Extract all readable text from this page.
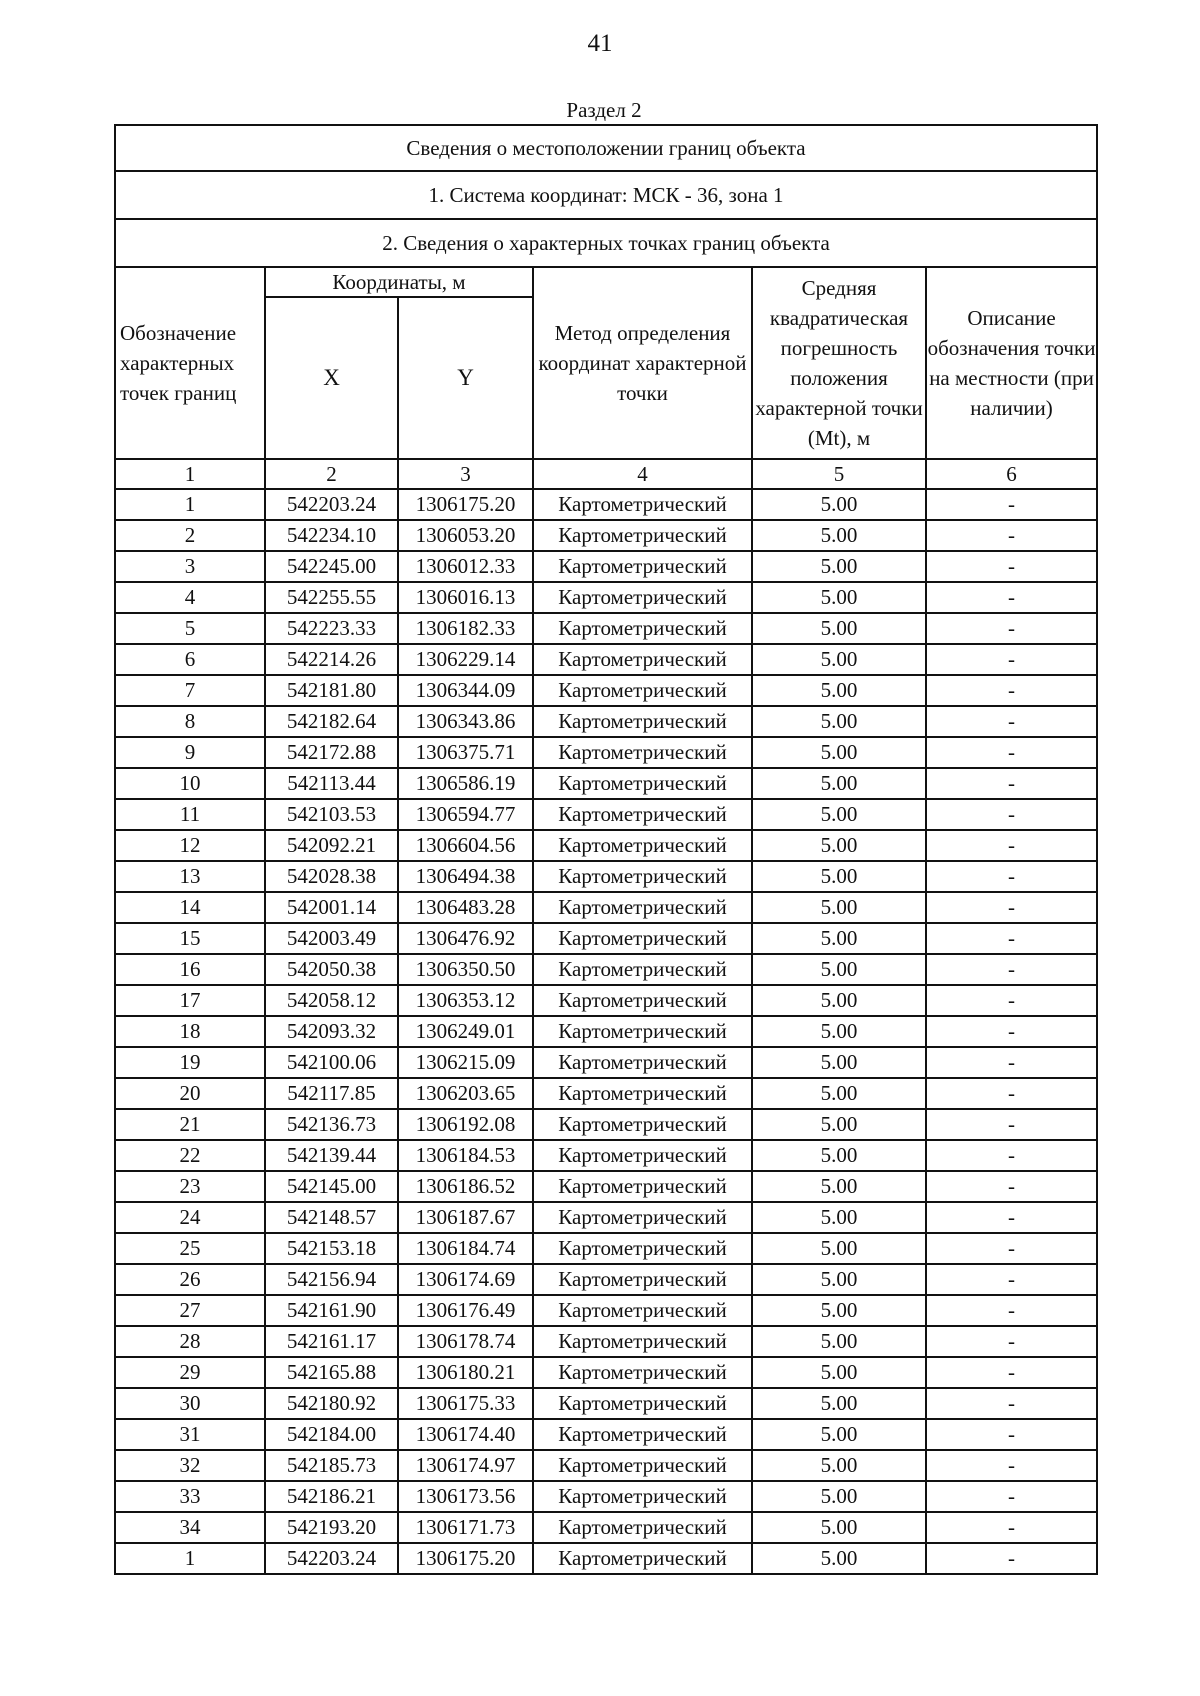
41
Раздел 2
Сведения о местоположении границ объекта					
1. Система координат: МСК - 36, зона 1					
2. Сведения о характерных точках границ объекта					
Обозначение характерных точек границ	Координаты, м		Метод определения координат характерной точки	Средняя квадратическая погрешность положения характерной точки (Mt), м	Описание обозначения точки на местности (при наличии)
	X	Y			
1	2	3	4	5	6
1	542203.24	1306175.20	Картометрический	5.00	-
2	542234.10	1306053.20	Картометрический	5.00	-
3	542245.00	1306012.33	Картометрический	5.00	-
4	542255.55	1306016.13	Картометрический	5.00	-
5	542223.33	1306182.33	Картометрический	5.00	-
6	542214.26	1306229.14	Картометрический	5.00	-
7	542181.80	1306344.09	Картометрический	5.00	-
8	542182.64	1306343.86	Картометрический	5.00	-
9	542172.88	1306375.71	Картометрический	5.00	-
10	542113.44	1306586.19	Картометрический	5.00	-
11	542103.53	1306594.77	Картометрический	5.00	-
12	542092.21	1306604.56	Картометрический	5.00	-
13	542028.38	1306494.38	Картометрический	5.00	-
14	542001.14	1306483.28	Картометрический	5.00	-
15	542003.49	1306476.92	Картометрический	5.00	-
16	542050.38	1306350.50	Картометрический	5.00	-
17	542058.12	1306353.12	Картометрический	5.00	-
18	542093.32	1306249.01	Картометрический	5.00	-
19	542100.06	1306215.09	Картометрический	5.00	-
20	542117.85	1306203.65	Картометрический	5.00	-
21	542136.73	1306192.08	Картометрический	5.00	-
22	542139.44	1306184.53	Картометрический	5.00	-
23	542145.00	1306186.52	Картометрический	5.00	-
24	542148.57	1306187.67	Картометрический	5.00	-
25	542153.18	1306184.74	Картометрический	5.00	-
26	542156.94	1306174.69	Картометрический	5.00	-
27	542161.90	1306176.49	Картометрический	5.00	-
28	542161.17	1306178.74	Картометрический	5.00	-
29	542165.88	1306180.21	Картометрический	5.00	-
30	542180.92	1306175.33	Картометрический	5.00	-
31	542184.00	1306174.40	Картометрический	5.00	-
32	542185.73	1306174.97	Картометрический	5.00	-
33	542186.21	1306173.56	Картометрический	5.00	-
34	542193.20	1306171.73	Картометрический	5.00	-
1	542203.24	1306175.20	Картометрический	5.00	-
